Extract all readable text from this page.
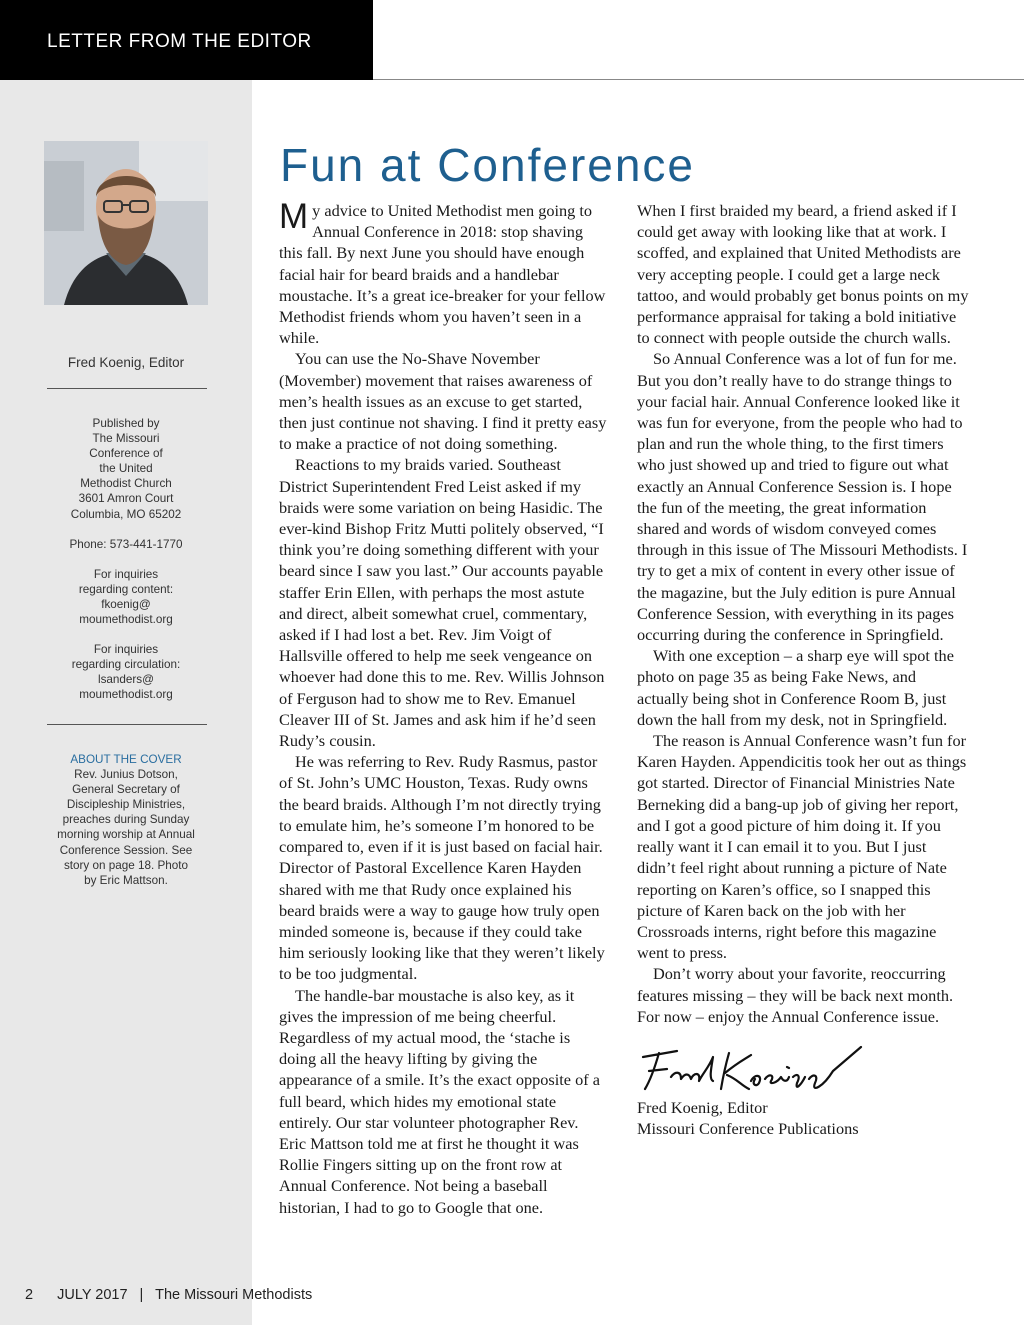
LETTER FROM THE EDITOR
Fred Koenig, Editor
Published by
The Missouri
Conference of
the United
Methodist Church
3601 Amron Court
Columbia, MO 65202
Phone: 573-441-1770
For inquiries
regarding content:
fkoenig@
moumethodist.org
For inquiries
regarding circulation:
lsanders@
moumethodist.org
ABOUT THE COVER
Rev. Junius Dotson,
General Secretary of
Discipleship Ministries,
preaches during Sunday
morning worship at Annual
Conference Session. See
story on page 18. Photo
by Eric Mattson.
Fun at Conference

My advice to United Methodist men going to Annual Conference in 2018: stop shaving this fall. By next June you should have enough facial hair for beard braids and a handlebar moustache. It’s a great ice-breaker for your fellow Methodist friends whom you haven’t seen in a while.

You can use the No-Shave November (Movember) movement that raises awareness of men’s health issues as an excuse to get started, then just continue not shaving. I find it pretty easy to make a practice of not doing something.

Reactions to my braids varied. Southeast District Superintendent Fred Leist asked if my braids were some variation on being Hasidic. The ever-kind Bishop Fritz Mutti politely observed, “I think you’re doing something different with your beard since I saw you last.” Our accounts payable staffer Erin Ellen, with perhaps the most astute and direct, albeit somewhat cruel, commentary, asked if I had lost a bet. Rev. Jim Voigt of Hallsville offered to help me seek vengeance on whoever had done this to me. Rev. Willis Johnson of Ferguson had to show me to Rev. Emanuel Cleaver III of St. James and ask him if he’d seen Rudy’s cousin.

He was referring to Rev. Rudy Rasmus, pastor of St. John’s UMC Houston, Texas. Rudy owns the beard braids. Although I’m not directly trying to emulate him, he’s someone I’m honored to be compared to, even if it is just based on facial hair. Director of Pastoral Excellence Karen Hayden shared with me that Rudy once explained his beard braids were a way to gauge how truly open minded someone is, because if they could take him seriously looking like that they weren’t likely to be too judgmental.

The handle-bar moustache is also key, as it gives the impression of me being cheerful. Regardless of my actual mood, the ‘stache is doing all the heavy lifting by giving the appearance of a smile. It’s the exact opposite of a full beard, which hides my emotional state entirely. Our star volunteer photographer Rev. Eric Mattson told me at first he thought it was Rollie Fingers sitting up on the front row at Annual Conference. Not being a baseball historian, I had to go to Google that one.

When I first braided my beard, a friend asked if I could get away with looking like that at work. I scoffed, and explained that United Methodists are very accepting people. I could get a large neck tattoo, and would probably get bonus points on my performance appraisal for taking a bold initiative to connect with people outside the church walls.

So Annual Conference was a lot of fun for me. But you don’t really have to do strange things to your facial hair. Annual Conference looked like it was fun for everyone, from the people who had to plan and run the whole thing, to the first timers who just showed up and tried to figure out what exactly an Annual Conference Session is. I hope the fun of the meeting, the great information shared and words of wisdom conveyed comes through in this issue of The Missouri Methodists. I try to get a mix of content in every other issue of the magazine, but the July edition is pure Annual Conference Session, with everything in its pages occurring during the conference in Springfield.

With one exception – a sharp eye will spot the photo on page 35 as being Fake News, and actually being shot in Conference Room B, just down the hall from my desk, not in Springfield.

The reason is Annual Conference wasn’t fun for Karen Hayden. Appendicitis took her out as things got started. Director of Financial Ministries Nate Berneking did a bang-up job of giving her report, and I got a good picture of him doing it. If you really want it I can email it to you. But I just didn’t feel right about running a picture of Nate reporting on Karen’s office, so I snapped this picture of Karen back on the job with her Crossroads interns, right before this magazine went to press.

Don’t worry about your favorite, reoccurring features missing – they will be back next month. For now – enjoy the Annual Conference issue.

Fred Koenig, Editor
Missouri Conference Publications
2 JULY 2017 | The Missouri Methodists
